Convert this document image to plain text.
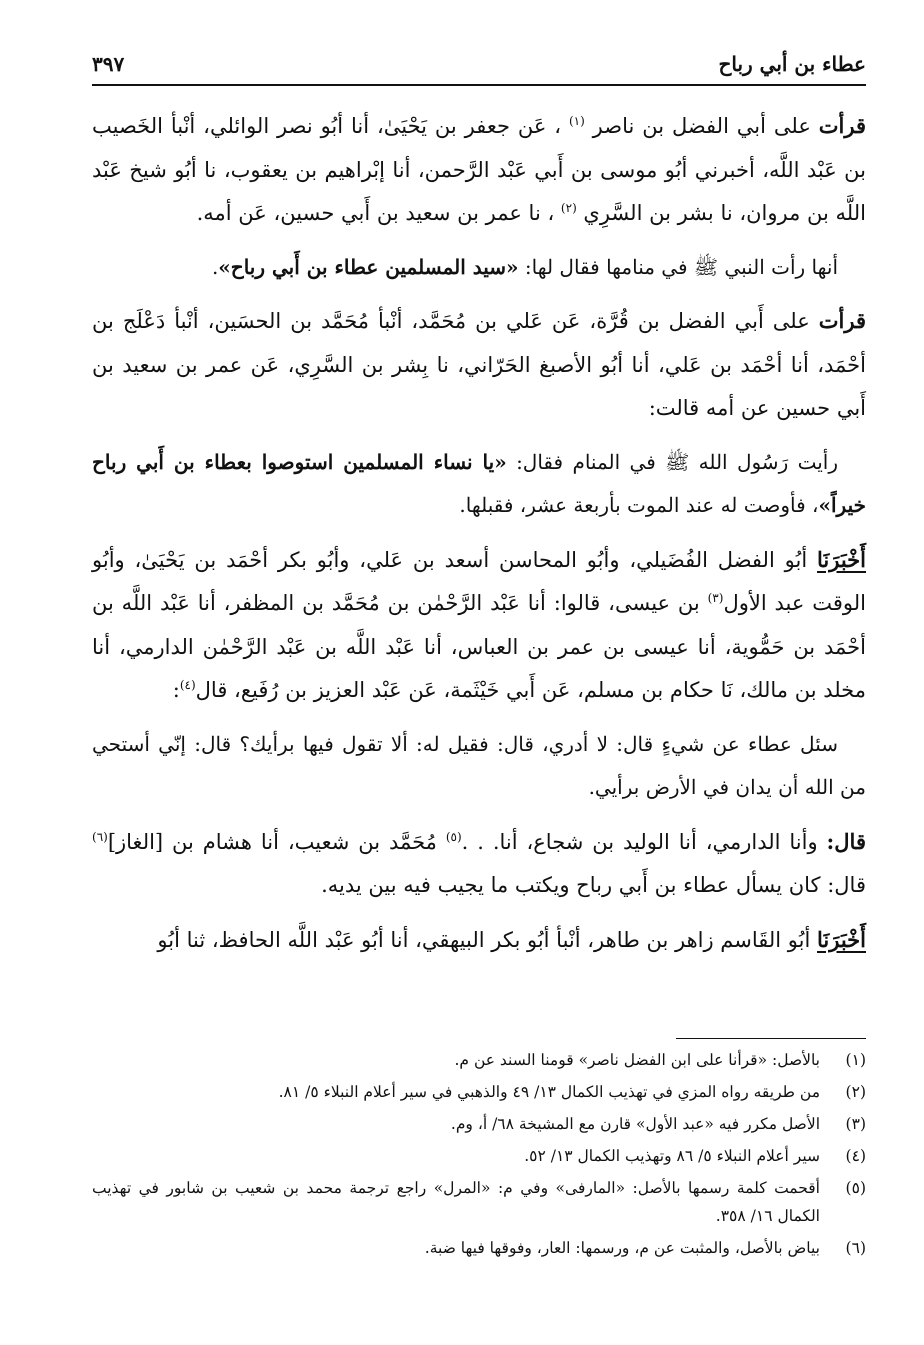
عطاء بن أبي رباح
٣٩٧

قرأت على أبي الفضل بن ناصر $^{(١)}$ ، عَن جعفر بن يَحْيَىٰ، أنا أبُو نصر الوائلي، أنْبأ الخَصيب بن عَبْد اللَّه، أخبرني أبُو موسى بن أَبي عَبْد الرَّحمن، أنا إبْراهيم بن يعقوب، نا أبُو شيخ عَبْد اللَّه بن مروان، نا بشر بن السَّرِي $^{(٢)}$ ، نا عمر بن سعيد بن أَبي حسين، عَن أمه.

أنها رأت النبي ﷺ في منامها فقال لها: «سيد المسلمين عطاء بن أَبي رباح».

قرأت على أَبي الفضل بن قُرَّة، عَن عَلي بن مُحَمَّد، أنْبأ مُحَمَّد بن الحسَين، أنْبأ دَعْلَج بن أحْمَد، أنا أحْمَد بن عَلي، أنا أبُو الأصبغ الحَرّاني، نا بِشر بن السَّرِي، عَن عمر بن سعيد بن أَبي حسين عن أمه قالت:

رأيت رَسُول الله ﷺ في المنام فقال: «يا نساء المسلمين استوصوا بعطاء بن أَبي رباح خيراً»، فأوصت له عند الموت بأربعة عشر، فقبلها.

أَخْبَرَنَا أبُو الفضل الفُضَيلي، وأبُو المحاسن أسعد بن عَلي، وأبُو بكر أحْمَد بن يَحْيَىٰ، وأبُو الوقت عبد الأول$^{(٣)}$ بن عيسى، قالوا: أنا عَبْد الرَّحْمٰن بن مُحَمَّد بن المظفر، أنا عَبْد اللَّه بن أحْمَد بن حَمُّوية، أنا عيسى بن عمر بن العباس، أنا عَبْد اللَّه بن عَبْد الرَّحْمٰن الدارمي، أنا مخلد بن مالك، نَا حكام بن مسلم، عَن أَبي خَيْثَمة، عَن عَبْد العزيز بن رُفَيع، قال$^{(٤)}$:

سئل عطاء عن شيءٍ قال: لا أدري، قال: فقيل له: ألا تقول فيها برأيك؟ قال: إنّي أستحي من الله أن يدان في الأرض برأيي.

قال: وأنا الدارمي، أنا الوليد بن شجاع، أنا. . .$^{(٥)}$ مُحَمَّد بن شعيب، أنا هشام بن [الغاز]$^{(٦)}$ قال: كان يسأل عطاء بن أَبي رباح ويكتب ما يجيب فيه بين يديه.

أَخْبَرَنَا أبُو القَاسم زاهر بن طاهر، أنْبأ أبُو بكر البيهقي، أنا أبُو عَبْد اللَّه الحافظ، ثنا أبُو

(١)
بالأصل: «قرأنا على ابن الفضل ناصر» قومنا السند عن م.
(٢)
من طريقه رواه المزي في تهذيب الكمال ١٣/ ٤٩ والذهبي في سير أعلام النبلاء ٥/ ٨١.
(٣)
الأصل مكرر فيه «عبد الأول» قارن مع المشيخة ٦٨/ أ، وم.
(٤)
سير أعلام النبلاء ٥/ ٨٦ وتهذيب الكمال ١٣/ ٥٢.
(٥)
أقحمت كلمة رسمها بالأصل: «المارفى» وفي م: «المرل» راجع ترجمة محمد بن شعيب بن شابور في تهذيب الكمال ١٦/ ٣٥٨.
(٦)
بياض بالأصل، والمثبت عن م، ورسمها: العار، وفوقها فيها ضبة.
